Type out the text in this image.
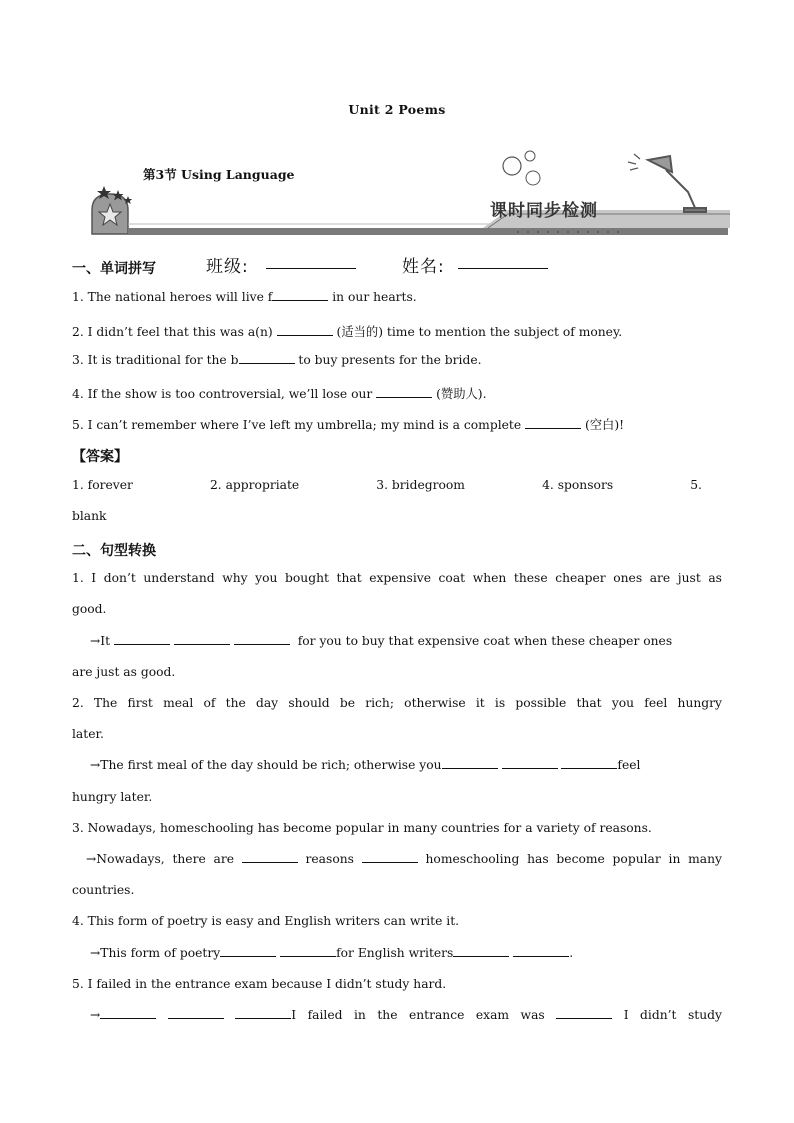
Unit 2 Poems
第3节 Using Language
课时同步检测
一、单词拼写	班级:	姓名:
1. The national heroes will live f	in our hearts.
2. I didn’t feel that this was a(n)	(适当的) time to mention the subject of money.
3. It is traditional for the b	to buy presents for the bride.
4. If the show is too controversial, we’ll lose our	(赞助人).
5. I can’t remember where I’ve left my umbrella; my mind is a complete	(空白)!
【答案】
1. forever	2. appropriate	3. bridegroom	4. sponsors	5.
blank
二、句型转换
1. I don’t understand why you bought that expensive coat when these cheaper ones are just as
good.
→It	for you to buy that expensive coat when these cheaper ones
are just as good.
2. The first meal of the day should be rich; otherwise it is possible that you feel hungry
later.
→The first meal of the day should be rich; otherwise you	feel
hungry later.
3. Nowadays, homeschooling has become popular in many countries for a variety of reasons.
→Nowadays, there are	reasons	homeschooling has become popular in many
countries.
4. This form of poetry is easy and English writers can write it.
→This form of poetry	for English writers	.
5. I failed in the entrance exam because I didn’t study hard.
→	I failed in the entrance exam was	I didn’t study
